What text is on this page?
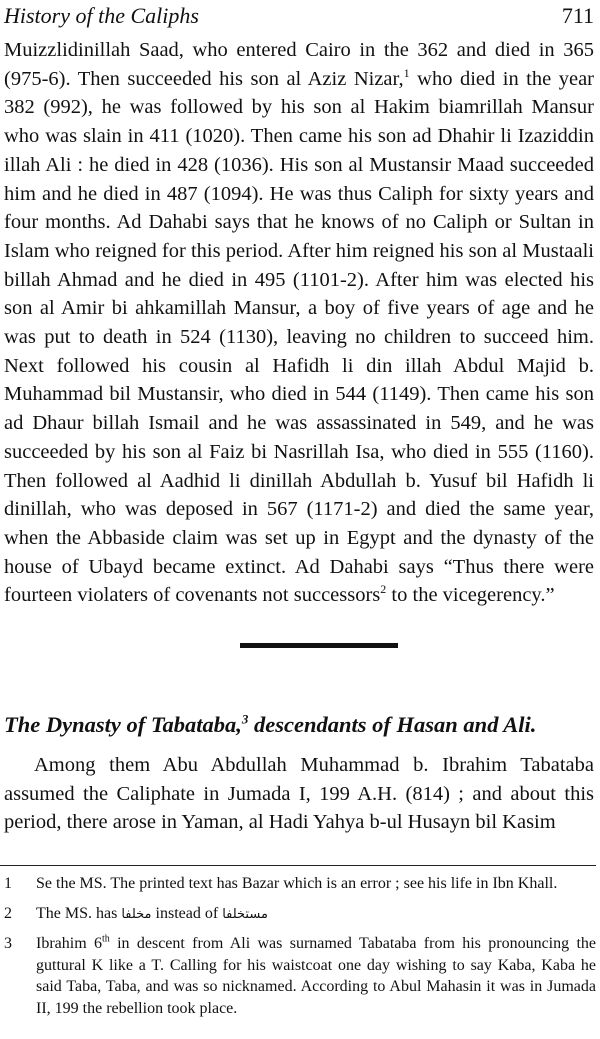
History of the Caliphs	711

Muizzlidinillah Saad, who entered Cairo in the 362 and died in 365 (975-6). Then succeeded his son al Aziz Nizar,$^1$ who died in the year 382 (992), he was followed by his son al Hakim biamrillah Mansur who was slain in 411 (1020). Then came his son ad Dhahir li Izaziddin illah Ali : he died in 428 (1036). His son al Mustansir Maad succeeded him and he died in 487 (1094). He was thus Caliph for sixty years and four months. Ad Dahabi says that he knows of no Caliph or Sultan in Islam who reigned for this period. After him reigned his son al Mustaali billah Ahmad and he died in 495 (1101-2). After him was elected his son al Amir bi ahkamillah Mansur, a boy of five years of age and he was put to death in 524 (1130), leaving no children to succeed him. Next followed his cousin al Hafidh li din illah Abdul Majid b. Muhammad bil Mustansir, who died in 544 (1149). Then came his son ad Dhaur billah Ismail and he was assassinated in 549, and he was succeeded by his son al Faiz bi Nasrillah Isa, who died in 555 (1160). Then followed al Aadhid li dinillah Abdullah b. Yusuf bil Hafidh li dinillah, who was deposed in 567 (1171-2) and died the same year, when the Abbaside claim was set up in Egypt and the dynasty of the house of Ubayd became extinct. Ad Dahabi says “Thus there were fourteen violaters of covenants not successors$^2$ to the vicegerency.”

The Dynasty of Tabataba,$^3$ descendants of Hasan and Ali.

Among them Abu Abdullah Muhammad b. Ibrahim Tabataba assumed the Caliphate in Jumada I, 199 A.H. (814) ; and about this period, there arose in Yaman, al Hadi Yahya b-ul Husayn bil Kasim

1 Se the MS. The printed text has Bazar which is an error ; see his life in Ibn Khall.

2 The MS. has مخلفا instead of مستخلفا

3 Ibrahim 6th in descent from Ali was surnamed Tabataba from his pronouncing the guttural K like a T. Calling for his waistcoat one day wishing to say Kaba, Kaba he said Taba, Taba, and was so nicknamed. According to Abul Mahasin it was in Jumada II, 199 the rebellion took place.
